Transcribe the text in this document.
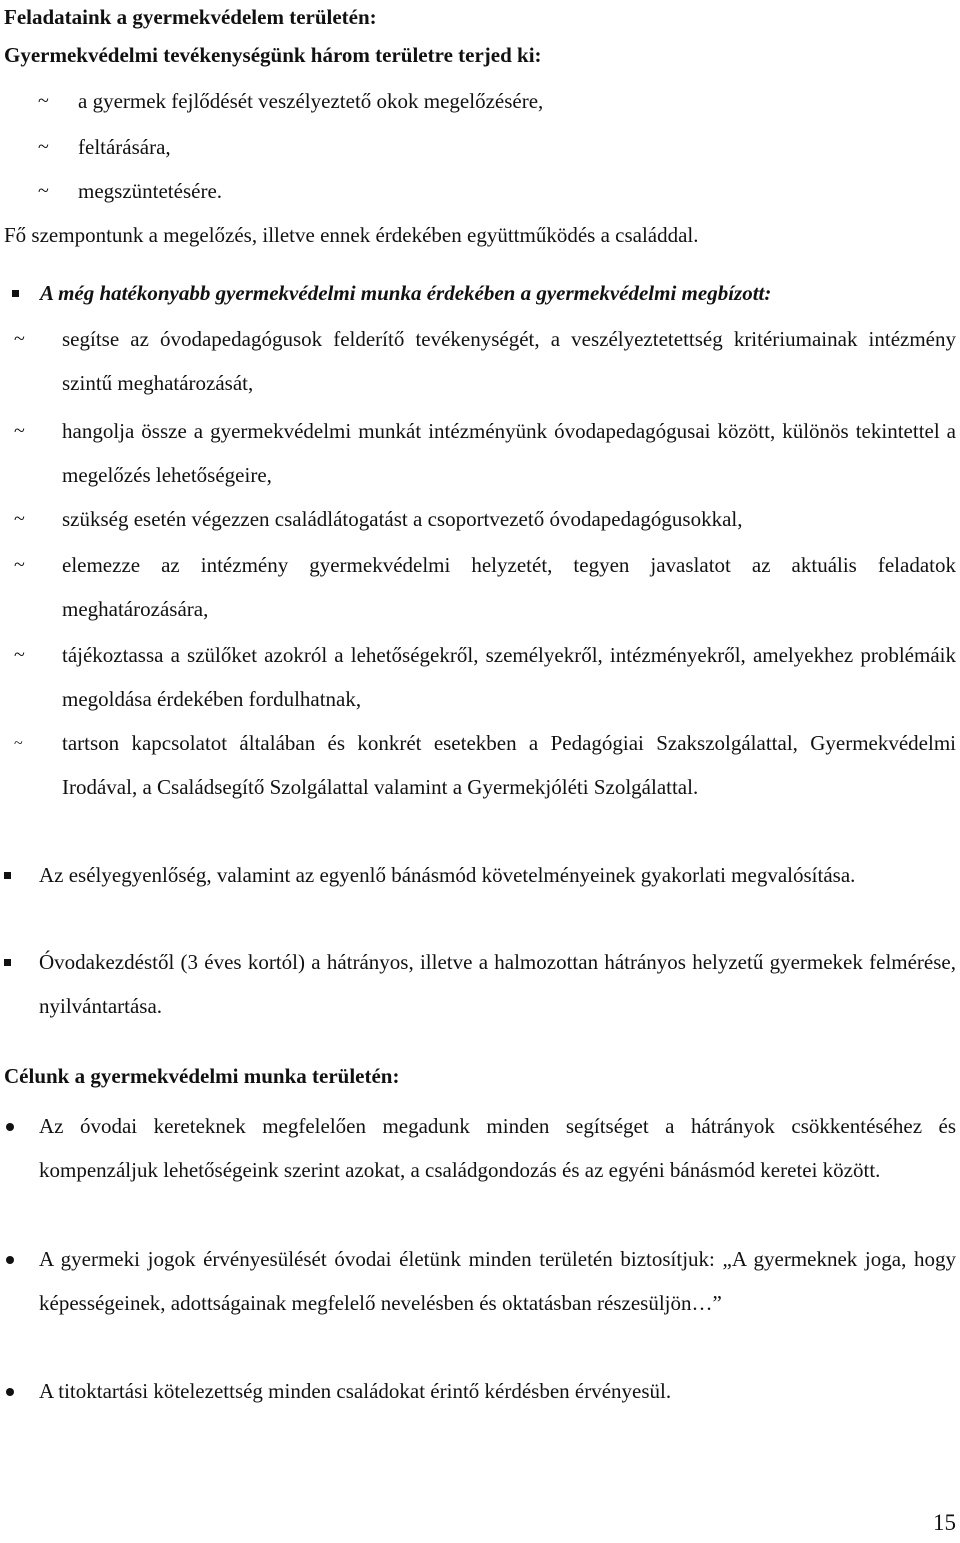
Feladataink a gyermekvédelem területén:
Gyermekvédelmi tevékenységünk három területre terjed ki:
~ a gyermek fejlődését veszélyeztető okok megelőzésére,
~ feltárására,
~ megszüntetésére.
Fő szempontunk a megelőzés, illetve ennek érdekében együttműködés a családdal.
A még hatékonyabb gyermekvédelmi munka érdekében a gyermekvédelmi megbízott:
~ segítse az óvodapedagógusok felderítő tevékenységét, a veszélyeztetettség kritériumainak intézmény szintű meghatározását,
~ hangolja össze a gyermekvédelmi munkát intézményünk óvodapedagógusai között, különös tekintettel a megelőzés lehetőségeire,
~ szükség esetén végezzen családlátogatást a csoportvezető óvodapedagógusokkal,
~ elemezze az intézmény gyermekvédelmi helyzetét, tegyen javaslatot az aktuális feladatok meghatározására,
~ tájékoztassa a szülőket azokról a lehetőségekről, személyekről, intézményekről, amelyekhez problémáik megoldása érdekében fordulhatnak,
~ tartson kapcsolatot általában és konkrét esetekben a Pedagógiai Szakszolgálattal, Gyermekvédelmi Irodával, a Családsegítő Szolgálattal valamint a Gyermekjóléti Szolgálattal.
Az esélyegyenlőség, valamint az egyenlő bánásmód követelményeinek gyakorlati megvalósítása.
Óvodakezdéstől (3 éves kortól) a hátrányos, illetve a halmozottan hátrányos helyzetű gyermekek felmérése, nyilvántartása.
Célunk a gyermekvédelmi munka területén:
Az óvodai kereteknek megfelelően megadunk minden segítséget a hátrányok csökkentéséhez és kompenzáljuk lehetőségeink szerint azokat, a családgondozás és az egyéni bánásmód keretei között.
A gyermeki jogok érvényesülését óvodai életünk minden területén biztosítjuk: „A gyermeknek joga, hogy képességeinek, adottságainak megfelelő nevelésben és oktatásban részesüljön…”
A titoktartási kötelezettség minden családokat érintő kérdésben érvényesül.
15
